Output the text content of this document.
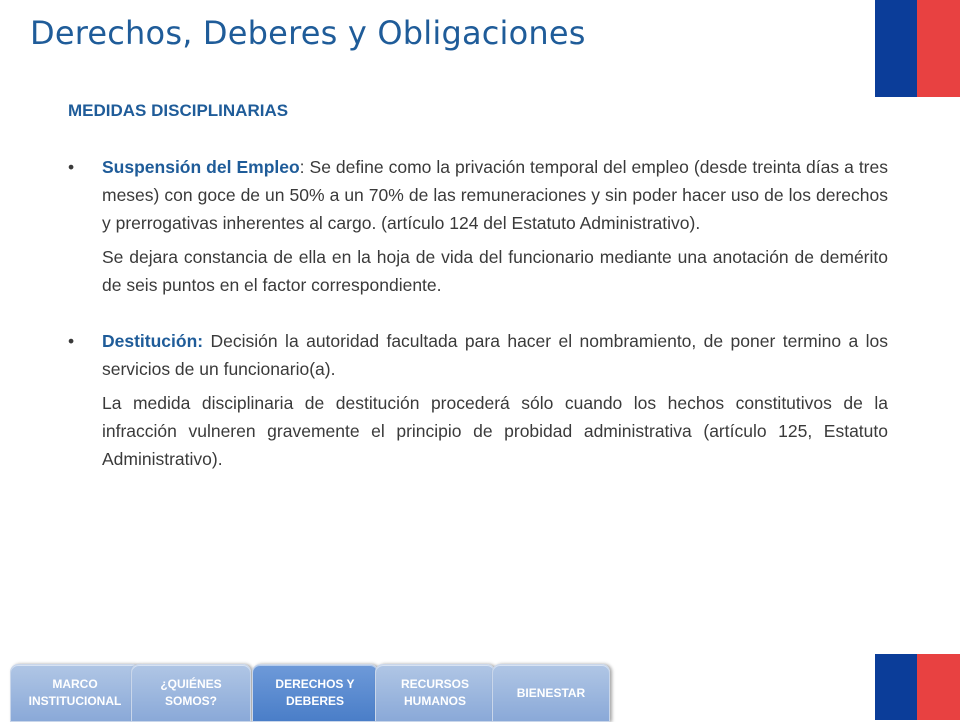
Derechos, Deberes y Obligaciones
MEDIDAS DISCIPLINARIAS
• Suspensión del Empleo: Se define como la privación temporal del empleo (desde treinta días a tres meses) con goce de un 50% a un 70% de las remuneraciones y sin poder hacer uso de los derechos y prerrogativas inherentes al cargo. (artículo 124 del Estatuto Administrativo).
Se dejara constancia de ella en la hoja de vida del funcionario mediante una anotación de demérito de seis puntos en el factor correspondiente.
• Destitución: Decisión la autoridad facultada para hacer el nombramiento, de poner termino a los servicios de un funcionario(a).
La medida disciplinaria de destitución procederá sólo cuando los hechos constitutivos de la infracción vulneren gravemente el principio de probidad administrativa (artículo 125, Estatuto Administrativo).
MARCO
INSTITUCIONAL
¿QUIÉNES
SOMOS?
DERECHOS Y
DEBERES
RECURSOS
HUMANOS
BIENESTAR
